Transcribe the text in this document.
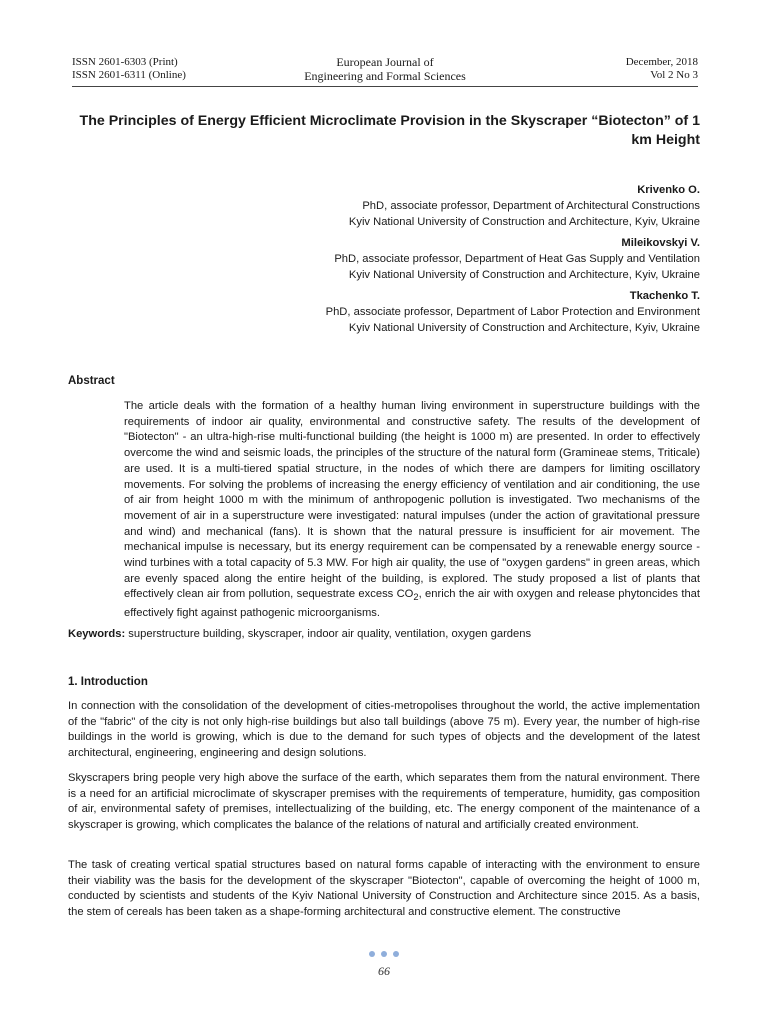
ISSN 2601-6303 (Print)
ISSN 2601-6311 (Online)
European Journal of
Engineering and Formal Sciences
December, 2018
Vol 2 No 3
The Principles of Energy Efficient Microclimate Provision in the Skyscraper “Biotecton” of 1 km Height
Krivenko O.
PhD, associate professor, Department of Architectural Constructions
Kyiv National University of Construction and Architecture, Kyiv, Ukraine
Mileikovskyi V.
PhD, associate professor, Department of Heat Gas Supply and Ventilation
Kyiv National University of Construction and Architecture, Kyiv, Ukraine
Tkachenko T.
PhD, associate professor, Department of Labor Protection and Environment
Kyiv National University of Construction and Architecture, Kyiv, Ukraine
Abstract

The article deals with the formation of a healthy human living environment in superstructure buildings with the requirements of indoor air quality, environmental and constructive safety. The results of the development of "Biotecton" - an ultra-high-rise multi-functional building (the height is 1000 m) are presented. In order to effectively overcome the wind and seismic loads, the principles of the structure of the natural form (Gramineae stems, Triticale) are used. It is a multi-tiered spatial structure, in the nodes of which there are dampers for limiting oscillatory movements. For solving the problems of increasing the energy efficiency of ventilation and air conditioning, the use of air from height 1000 m with the minimum of anthropogenic pollution is investigated. Two mechanisms of the movement of air in a superstructure were investigated: natural impulses (under the action of gravitational pressure and wind) and mechanical (fans). It is shown that the natural pressure is insufficient for air movement. The mechanical impulse is necessary, but its energy requirement can be compensated by a renewable energy source - wind turbines with a total capacity of 5.3 MW. For high air quality, the use of "oxygen gardens" in green areas, which are evenly spaced along the entire height of the building, is explored. The study proposed a list of plants that effectively clean air from pollution, sequestrate excess $CO_2$, enrich the air with oxygen and release phytoncides that effectively fight against pathogenic microorganisms.

Keywords: superstructure building, skyscraper, indoor air quality, ventilation, oxygen gardens

1. Introduction

In connection with the consolidation of the development of cities-metropolises throughout the world, the active implementation of the "fabric" of the city is not only high-rise buildings but also tall buildings (above 75 m). Every year, the number of high-rise buildings in the world is growing, which is due to the demand for such types of objects and the development of the latest architectural, engineering, engineering and design solutions.

Skyscrapers bring people very high above the surface of the earth, which separates them from the natural environment. There is a need for an artificial microclimate of skyscraper premises with the requirements of temperature, humidity, gas composition of air, environmental safety of premises, intellectualizing of the building, etc. The energy component of the maintenance of a skyscraper is growing, which complicates the balance of the relations of natural and artificially created environment.

The task of creating vertical spatial structures based on natural forms capable of interacting with the environment to ensure their viability was the basis for the development of the skyscraper "Biotecton", capable of overcoming the height of 1000 m, conducted by scientists and students of the Kyiv National University of Construction and Architecture since 2015. As a basis, the stem of cereals has been taken as a shape-forming architectural and constructive element. The constructive

66
